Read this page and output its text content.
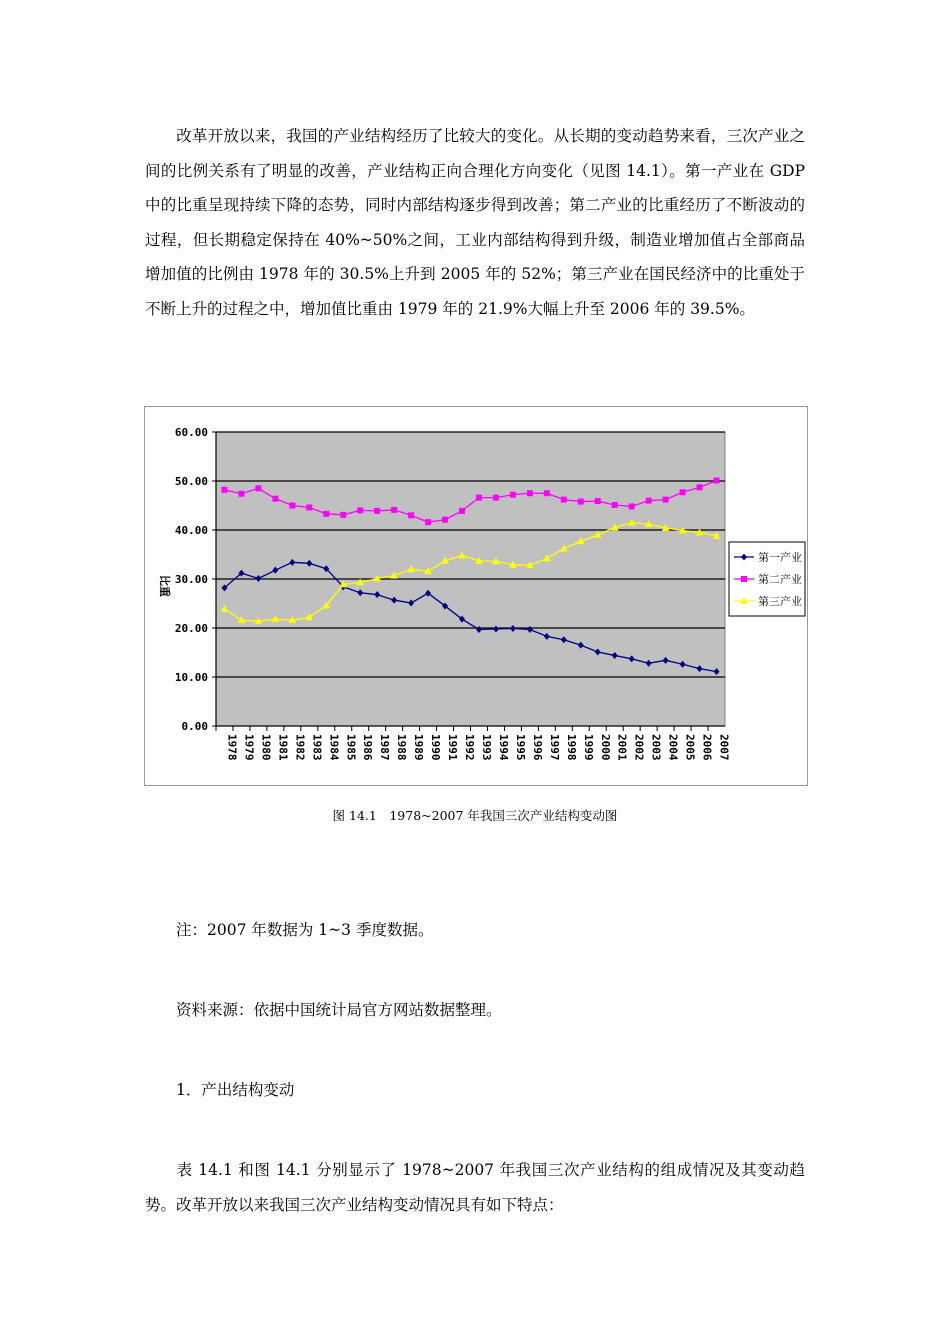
改革开放以来，我国的产业结构经历了比较大的变化。从长期的变动趋势来看，三次产业之间的比例关系有了明显的改善，产业结构正向合理化方向变化（见图 14.1）。第一产业在 GDP 中的比重呈现持续下降的态势，同时内部结构逐步得到改善；第二产业的比重经历了不断波动的过程，但长期稳定保持在 40%~50%之间，工业内部结构得到升级，制造业增加值占全部商品增加值的比例由 1978 年的 30.5%上升到 2005 年的 52%；第三产业在国民经济中的比重处于不断上升的过程之中，增加值比重由 1979 年的 21.9%大幅上升至 2006 年的 39.5%。

60.00
50.00
40.00
30.00
20.00
10.00
0.00
1978 1979 1980 1981 1982 1983 1984 1985 1986 1987 1988 1989 1990 1991 1992 1993 1994 1995 1996 1997 1998 1999 2000 2001 2002 2003 2004 2005 2006 2007
第一产业
第二产业
第三产业
比重
图 14.1　1978~2007 年我国三次产业结构变动图

注：2007 年数据为 1~3 季度数据。

资料来源：依据中国统计局官方网站数据整理。

1．产出结构变动

表 14.1 和图 14.1 分别显示了 1978~2007 年我国三次产业结构的组成情况及其变动趋势。改革开放以来我国三次产业结构变动情况具有如下特点：
